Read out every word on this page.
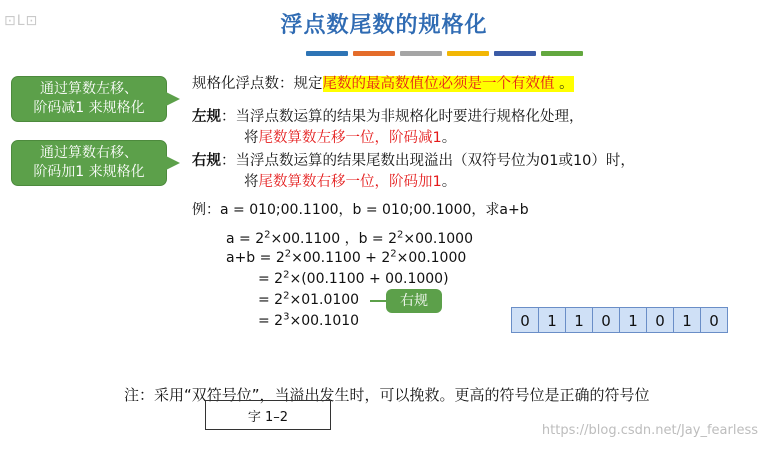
⊡L⊡	浮点数尾数的规格化
通过算数左移、
阶码减1 来规格化
通过算数右移、
阶码加1 来规格化
规格化浮点数：规定尾数的最高数值位必须是一个有效值 。
左规：当浮点数运算的结果为非规格化时要进行规格化处理，
将尾数算数左移一位，阶码减1。
右规：当浮点数运算的结果尾数出现溢出（双符号位为01或10）时，
将尾数算数右移一位，阶码加1。
例：a = 010;00.1100，b = 010;00.1000，求a+b
$a = 2^2\times 00.1100$ ，$b = 2^2\times 00.1000$
$a+b = 2^2\times 00.1100 + 2^2\times 00.1000$
= $2^2\times(00.1100 + 00.1000)$
= $2^2\times 01.0100$
= $2^3\times 00.1010$
右规
0	1	1	0	1	0	1	0
注：采用“双符号位”，当溢出发生时，可以挽救。更高的符号位是正确的符号位
字 1–2
https://blog.csdn.net/Jay_fearless
